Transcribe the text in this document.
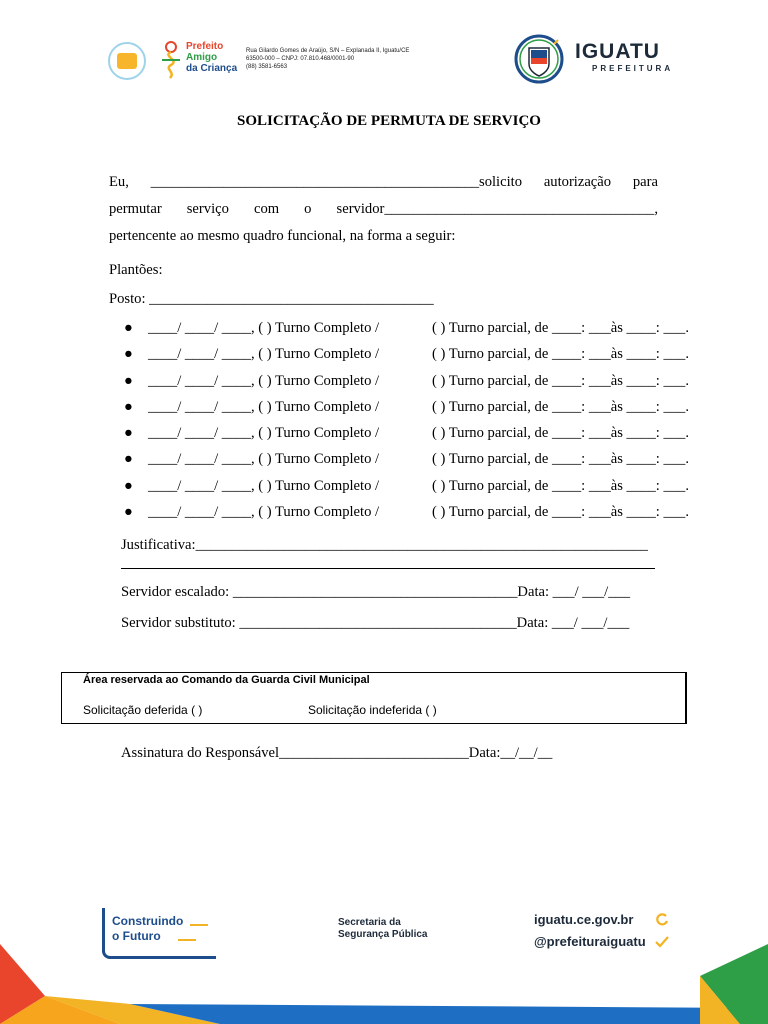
Prefeito
Amigo
da Criança
Rua Gilardo Gomes de Araújo, S/N – Explanada II, Iguatu/CE
63500-000 – CNPJ: 07.810.468/0001-90
(88) 3581-6563
IGUATU
PREFEITURA
SOLICITAÇÃO DE PERMUTA DE SERVIÇO
Eu, _____________________________________________solicito autorização para
permutar serviço com o servidor_____________________________________,
pertencente ao mesmo quadro funcional, na forma a seguir:
Plantões:
Posto: _______________________________________
● ____/ ____/ ____, ( ) Turno Completo /	( ) Turno parcial, de ____: ___às ____: ___.
● ____/ ____/ ____, ( ) Turno Completo /	( ) Turno parcial, de ____: ___às ____: ___.
● ____/ ____/ ____, ( ) Turno Completo /	( ) Turno parcial, de ____: ___às ____: ___.
● ____/ ____/ ____, ( ) Turno Completo /	( ) Turno parcial, de ____: ___às ____: ___.
● ____/ ____/ ____, ( ) Turno Completo /	( ) Turno parcial, de ____: ___às ____: ___.
● ____/ ____/ ____, ( ) Turno Completo /	( ) Turno parcial, de ____: ___às ____: ___.
● ____/ ____/ ____, ( ) Turno Completo /	( ) Turno parcial, de ____: ___às ____: ___.
● ____/ ____/ ____, ( ) Turno Completo /	( ) Turno parcial, de ____: ___às ____: ___.
Justificativa:______________________________________________________________
Servidor escalado: _______________________________________Data: ___/ ___/___
Servidor substituto: ______________________________________Data: ___/ ___/___
Área reservada ao Comando da Guarda Civil Municipal
Solicitação deferida ( )	Solicitação indeferida ( )
Assinatura do Responsável__________________________Data:__/__/__
Construindo
o Futuro
Secretaria da
Segurança Pública
iguatu.ce.gov.br
@prefeituraiguatu
